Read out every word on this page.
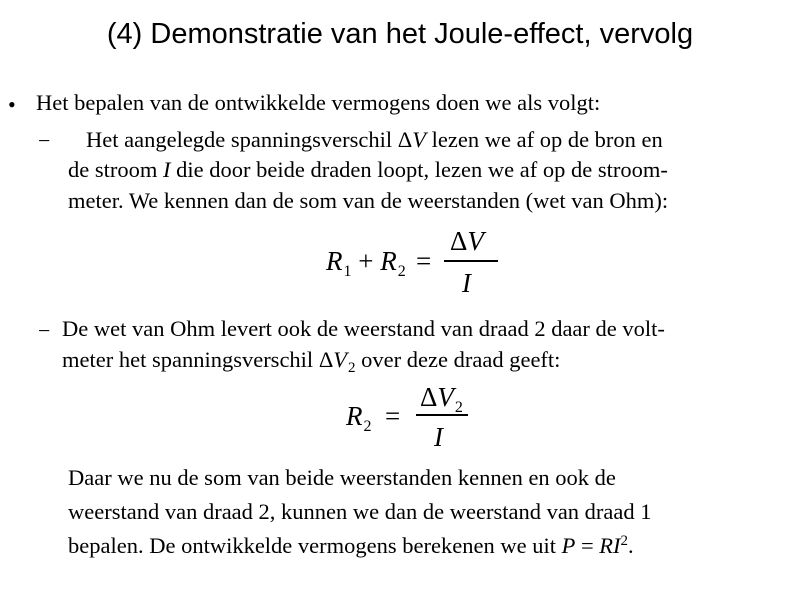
(4) Demonstratie van het Joule-effect, vervolg
• Het bepalen van de ontwikkelde vermogens doen we als volgt:
− Het aangelegde spanningsverschil ΔV lezen we af op de bron en
de stroom I die door beide draden loopt, lezen we af op de stroom-
meter. We kennen dan de som van de weerstanden (wet van Ohm):
$R_1 + R_2$ =
ΔV
I
− De wet van Ohm levert ook de weerstand van draad 2 daar de volt-
meter het spanningsverschil $\Delta V_2$ over deze draad geeft:
$R_2$ =
$\Delta V_2$
I
Daar we nu de som van beide weerstanden kennen en ook de
weerstand van draad 2, kunnen we dan de weerstand van draad 1
bepalen. De ontwikkelde vermogens berekenen we uit $P = RI^2$.
